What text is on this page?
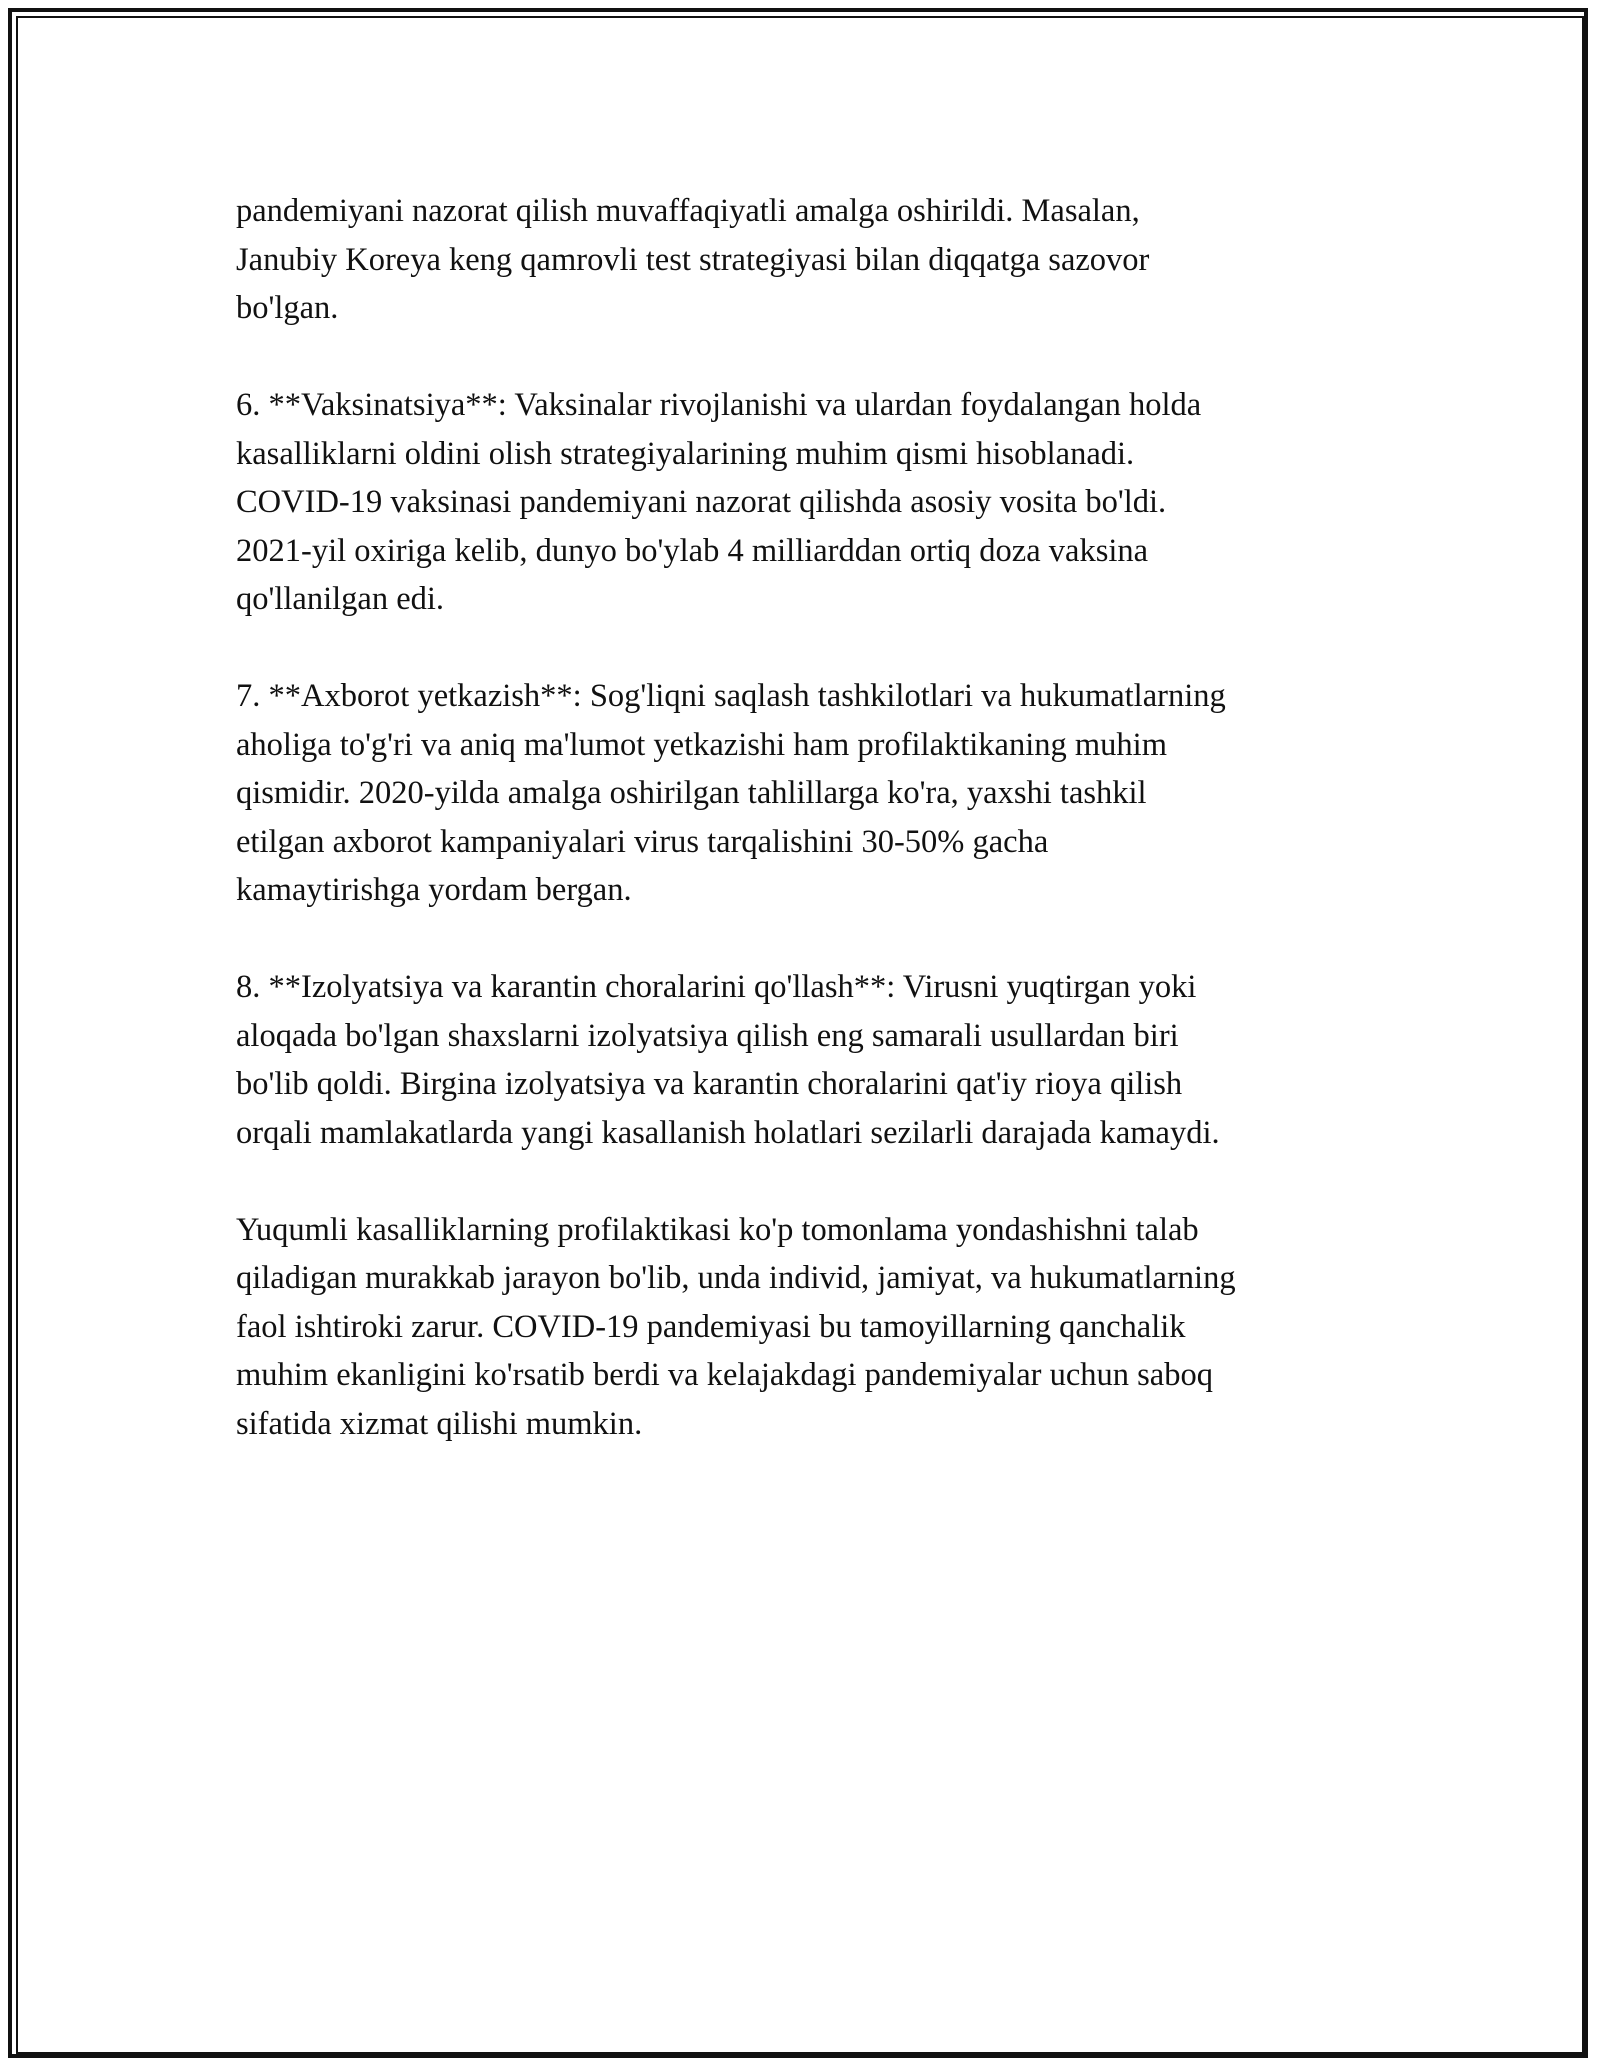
pandemiyani nazorat qilish muvaffaqiyatli amalga oshirildi. Masalan,
Janubiy Koreya keng qamrovli test strategiyasi bilan diqqatga sazovor
bo'lgan.

6. **Vaksinatsiya**: Vaksinalar rivojlanishi va ulardan foydalangan holda
kasalliklarni oldini olish strategiyalarining muhim qismi hisoblanadi.
COVID-19 vaksinasi pandemiyani nazorat qilishda asosiy vosita bo'ldi.
2021-yil oxiriga kelib, dunyo bo'ylab 4 milliarddan ortiq doza vaksina
qo'llanilgan edi.

7. **Axborot yetkazish**: Sog'liqni saqlash tashkilotlari va hukumatlarning
aholiga to'g'ri va aniq ma'lumot yetkazishi ham profilaktikaning muhim
qismidir. 2020-yilda amalga oshirilgan tahlillarga ko'ra, yaxshi tashkil
etilgan axborot kampaniyalari virus tarqalishini 30-50% gacha
kamaytirishga yordam bergan.

8. **Izolyatsiya va karantin choralarini qo'llash**: Virusni yuqtirgan yoki
aloqada bo'lgan shaxslarni izolyatsiya qilish eng samarali usullardan biri
bo'lib qoldi. Birgina izolyatsiya va karantin choralarini qat'iy rioya qilish
orqali mamlakatlarda yangi kasallanish holatlari sezilarli darajada kamaydi.

Yuqumli kasalliklarning profilaktikasi ko'p tomonlama yondashishni talab
qiladigan murakkab jarayon bo'lib, unda individ, jamiyat, va hukumatlarning
faol ishtiroki zarur. COVID-19 pandemiyasi bu tamoyillarning qanchalik
muhim ekanligini ko'rsatib berdi va kelajakdagi pandemiyalar uchun saboq
sifatida xizmat qilishi mumkin.
